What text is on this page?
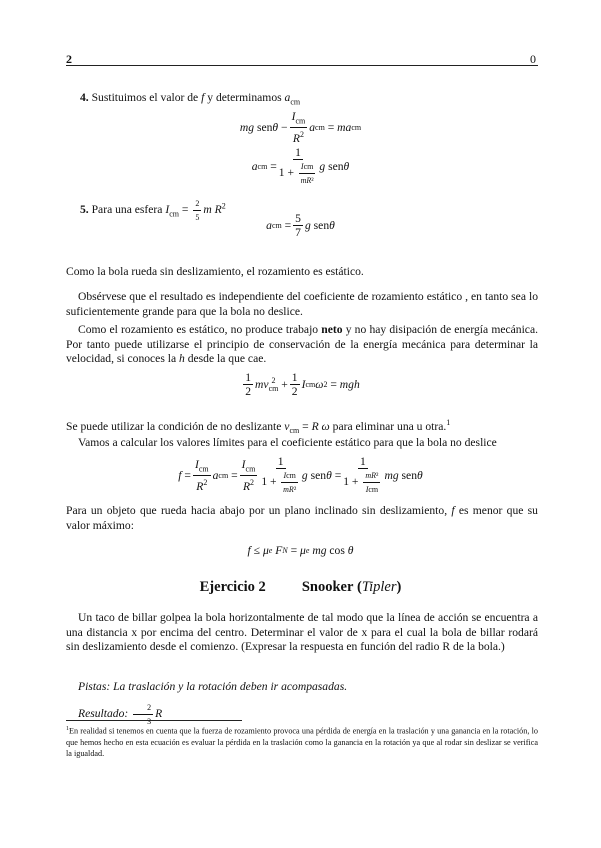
2	0
4. Sustituimos el valor de f y determinamos $a_{cm}$
mg
sen θ
− $\frac{I_{cm}}{R^2}$ a cm
=
ma cm
a cm
= $\frac{1}{1 + \frac{\text{Icm}}{\text{mR²}}}$ g
sen θ
5. Para una esfera $I_{cm} = \frac{2}{5}$ m $R^2$
a cm
= $\frac{5}{7}$ g
sen θ
Como la bola rueda sin deslizamiento, el rozamiento es estático.
Obsérvese que el resultado es independiente del coeficiente de rozamiento estático , en tanto sea lo suficientemente grande para que la bola no deslice.
Como el rozamiento es estático, no produce trabajo neto y no hay disipación de energía mecánica. Por tanto puede utilizarse el principio de conservación de la energía mecánica para determinar la velocidad, si conoces la h desde la que cae.
$\frac{1}{2}$ mv 2
cm
+ $\frac{1}{2}$ I cm ω 2
=
mgh
Se puede utilizar la condición de no deslizante $v_{cm} = R$ ω para eliminar una u otra.$^1$
Vamos a calcular los valores límites para el coeficiente estático para que la bola no deslice
f
= $\frac{I_{cm}}{R^2}$ a cm
= $\frac{I_{cm}}{R^2} \frac{1}{1 + \frac{\text{Icm}}{\text{mR²}}}$ g
sen θ
= $\frac{1}{1 + \frac{\text{mR²}}{\text{Icm}}}$ mg
sen θ
Para un objeto que rueda hacia abajo por un plano inclinado sin deslizamiento, f es menor que su valor máximo:
f
≤
μ e
F N
=
μ e
mg
cos
θ
Ejercicio 2 Snooker ( Tipler )
Un taco de billar golpea la bola horizontalmente de tal modo que la línea de acción se encuentra a una distancia x por encima del centro. Determinar el valor de x para el cual la bola de billar rodará sin deslizamiento desde el comienzo. (Expresar la respuesta en función del radio R de la bola.)
Pistas: La traslación y la rotación deben ir acompasadas.
Resultado: $\frac{2}{3}$ R
$^1$En realidad si tenemos en cuenta que la fuerza de rozamiento provoca una pérdida de energía en la traslación y una ganancia en la rotación, lo que hemos hecho en esta ecuación es evaluar la pérdida en la traslación como la ganancia en la rotación ya que al rodar sin deslizar se verifica la igualdad.
